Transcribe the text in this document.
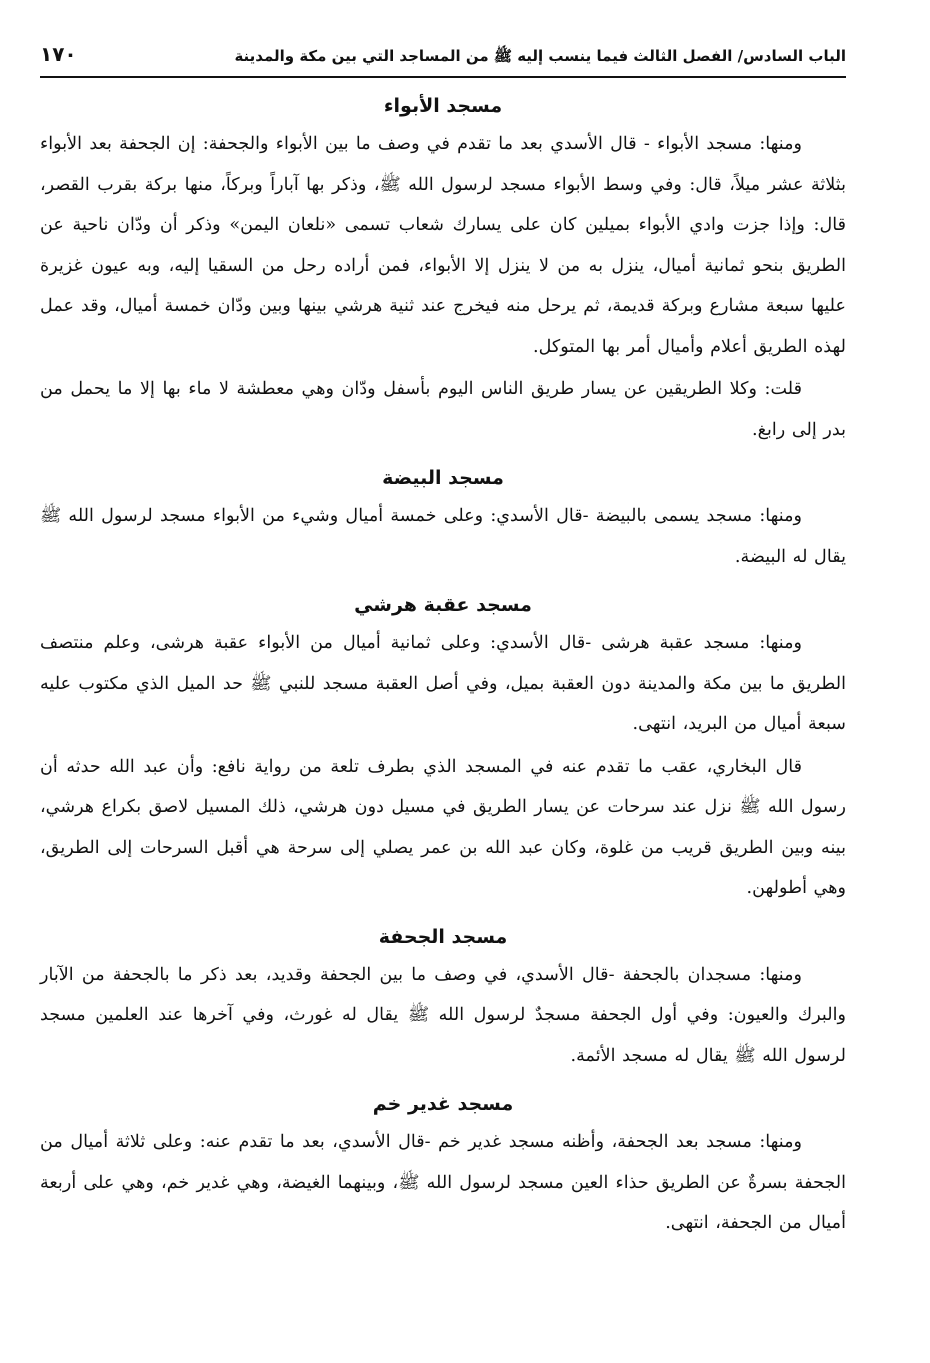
الباب السادس/ الفصل الثالث فيما ينسب إليه ﷺ من المساجد التي بين مكة والمدينة
١٧٠
مسجد الأبواء

ومنها: مسجد الأبواء - قال الأسدي بعد ما تقدم في وصف ما بين الأبواء والجحفة: إن الجحفة بعد الأبواء بثلاثة عشر ميلاً، قال: وفي وسط الأبواء مسجد لرسول الله ﷺ، وذكر بها آباراً وبركاً، منها بركة بقرب القصر، قال: وإذا جزت وادي الأبواء بميلين كان على يسارك شعاب تسمى «نلعان اليمن» وذكر أن ودّان ناحية عن الطريق بنحو ثمانية أميال، ينزل به من لا ينزل إلا الأبواء، فمن أراده رحل من السقيا إليه، وبه عيون غزيرة عليها سبعة مشارع وبركة قديمة، ثم يرحل منه فيخرج عند ثنية هرشي بينها وبين ودّان خمسة أميال، وقد عمل لهذه الطريق أعلام وأميال أمر بها المتوكل.

قلت: وكلا الطريقين عن يسار طريق الناس اليوم بأسفل ودّان وهي معطشة لا ماء بها إلا ما يحمل من بدر إلى رابغ.

مسجد البيضة

ومنها: مسجد يسمى بالبيضة -قال الأسدي: وعلى خمسة أميال وشيء من الأبواء مسجد لرسول الله ﷺ يقال له البيضة.

مسجد عقبة هرشي

ومنها: مسجد عقبة هرشى -قال الأسدي: وعلى ثمانية أميال من الأبواء عقبة هرشى، وعلم منتصف الطريق ما بين مكة والمدينة دون العقبة بميل، وفي أصل العقبة مسجد للنبي ﷺ حد الميل الذي مكتوب عليه سبعة أميال من البريد، انتهى.

قال البخاري، عقب ما تقدم عنه في المسجد الذي بطرف تلعة من رواية نافع: وأن عبد الله حدثه أن رسول الله ﷺ نزل عند سرحات عن يسار الطريق في مسيل دون هرشي، ذلك المسيل لاصق بكراع هرشي، بينه وبين الطريق قريب من غلوة، وكان عبد الله بن عمر يصلي إلى سرحة هي أقبل السرحات إلى الطريق، وهي أطولهن.

مسجد الجحفة

ومنها: مسجدان بالجحفة -قال الأسدي، في وصف ما بين الجحفة وقديد، بعد ذكر ما بالجحفة من الآبار والبرك والعيون: وفي أول الجحفة مسجدٌ لرسول الله ﷺ يقال له غورث، وفي آخرها عند العلمين مسجد لرسول الله ﷺ يقال له مسجد الأئمة.

مسجد غدير خم

ومنها: مسجد بعد الجحفة، وأظنه مسجد غدير خم -قال الأسدي، بعد ما تقدم عنه: وعلى ثلاثة أميال من الجحفة بسرةٌ عن الطريق حذاء العين مسجد لرسول الله ﷺ، وبينهما الغيضة، وهي غدير خم، وهي على أربعة أميال من الجحفة، انتهى.
